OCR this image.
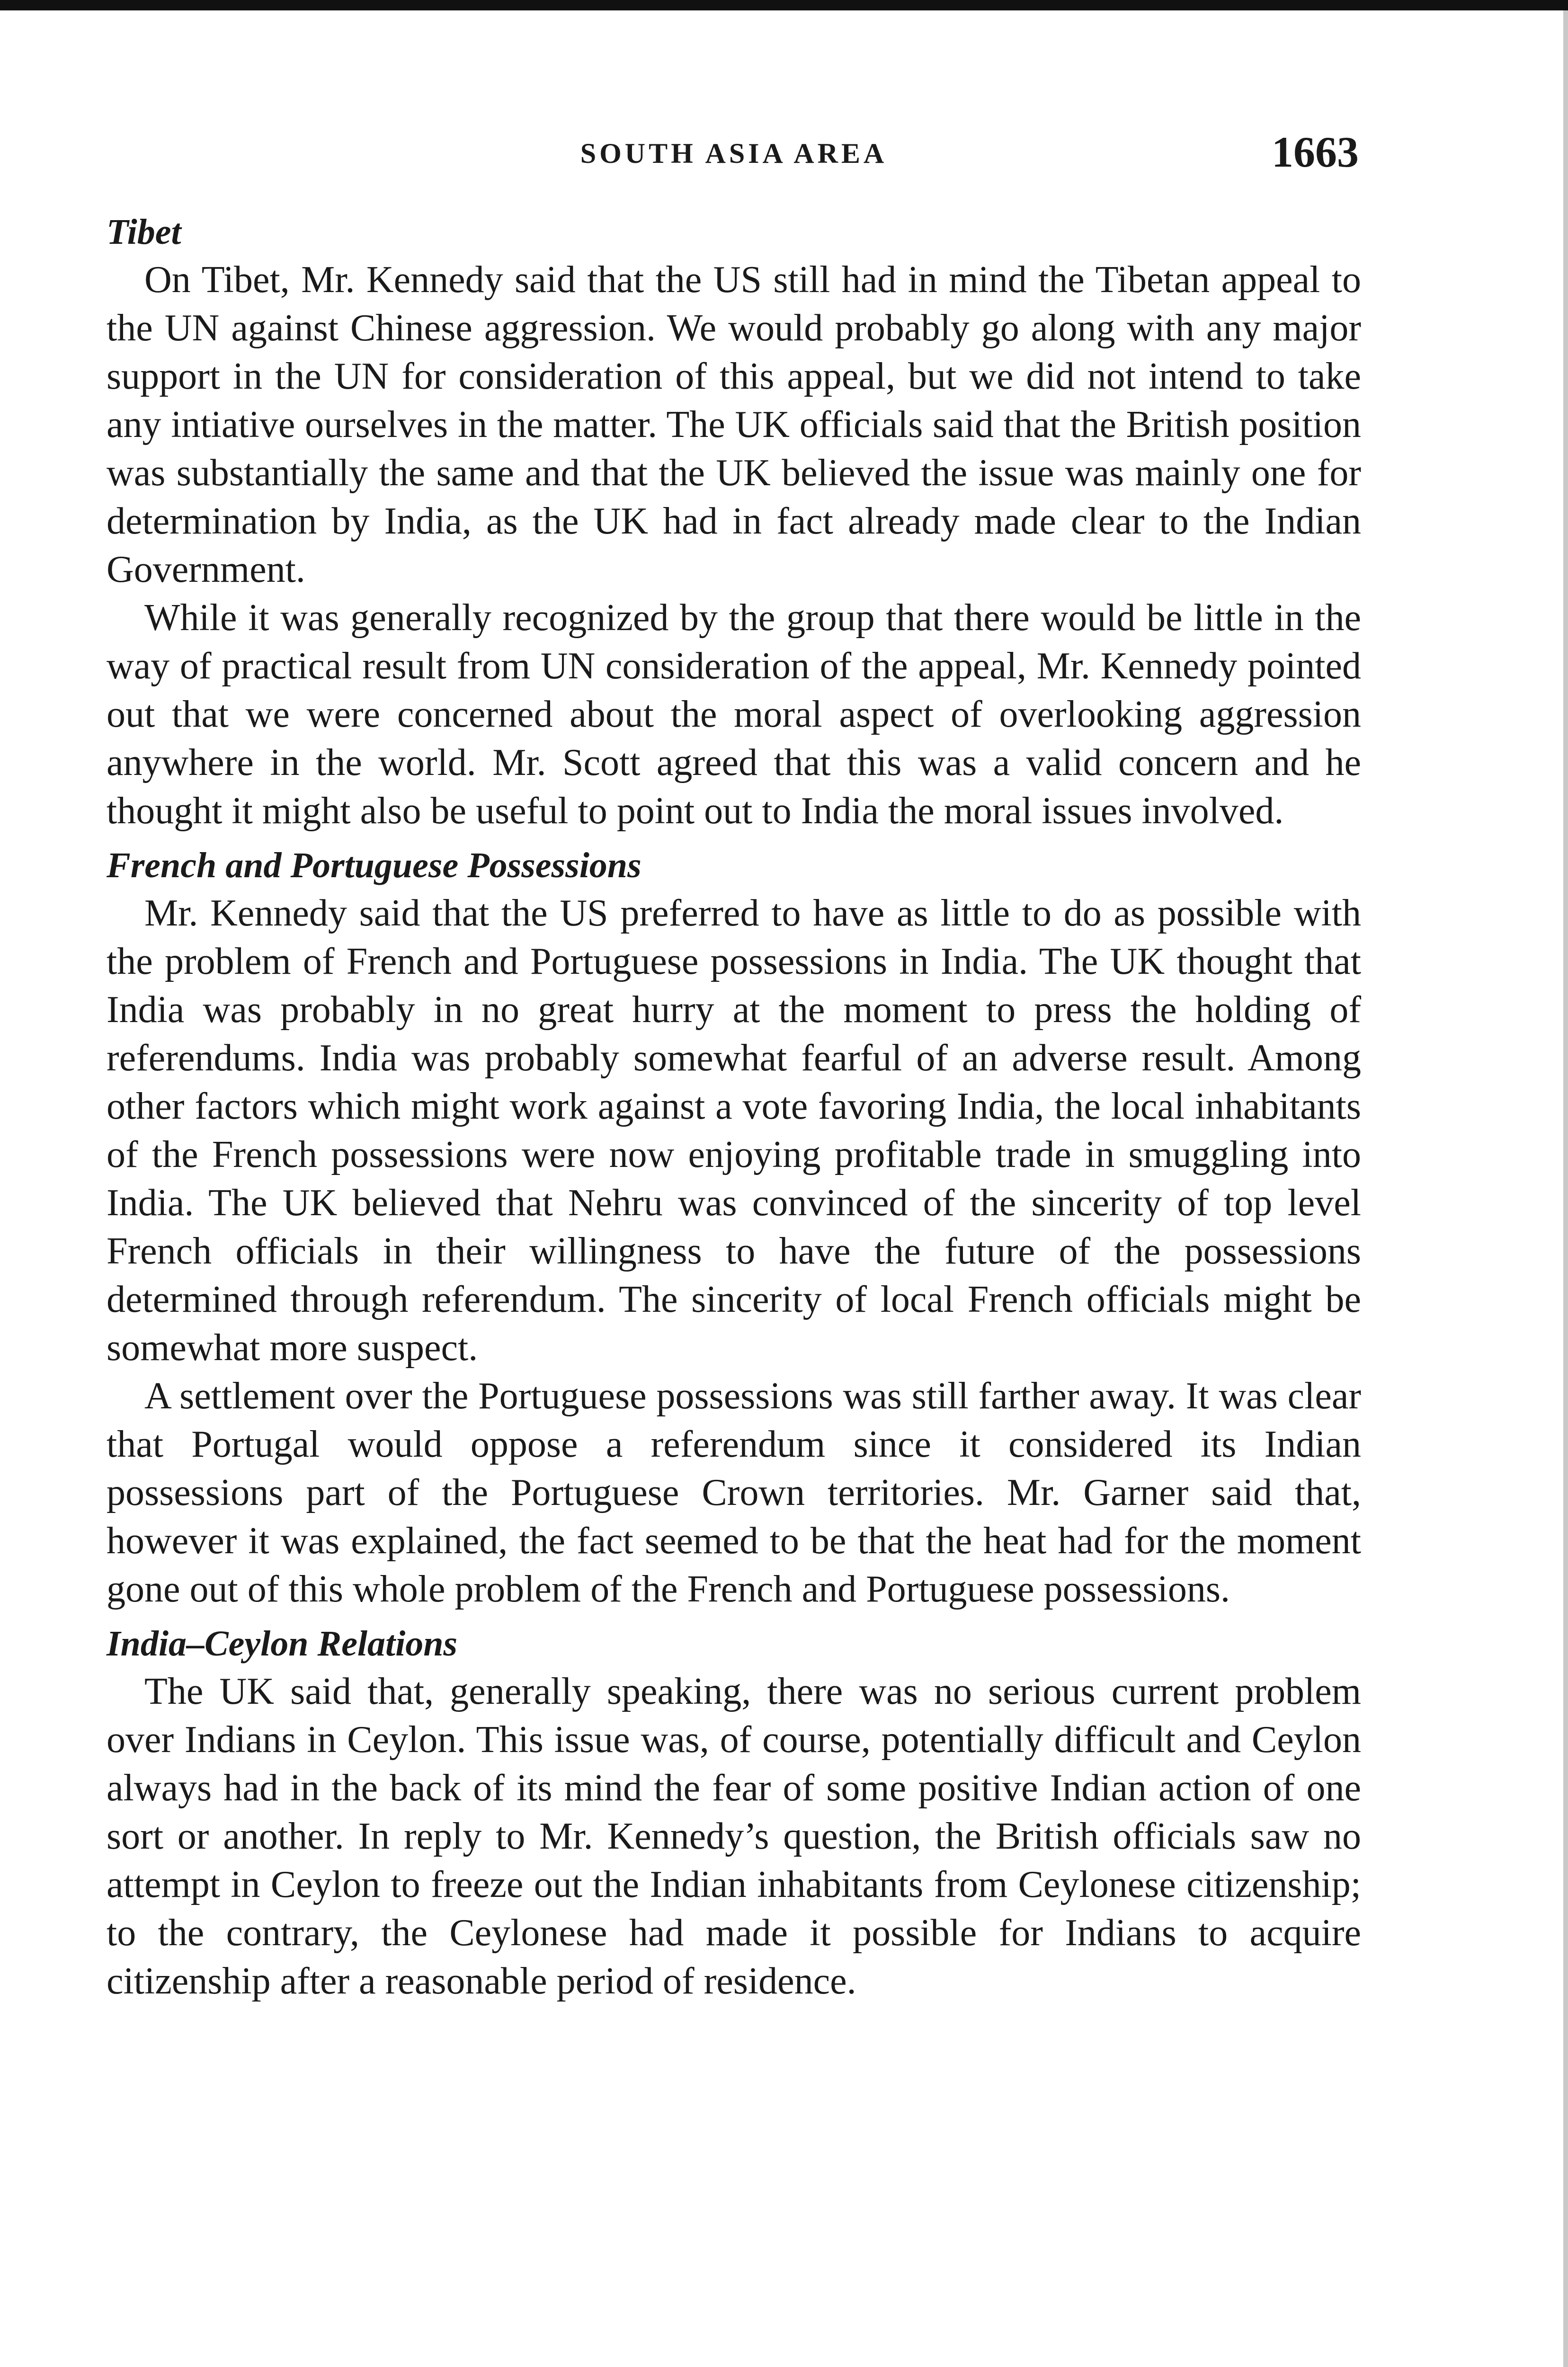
SOUTH ASIA AREA	1663
Tibet

On Tibet, Mr. Kennedy said that the US still had in mind the Tibetan appeal to the UN against Chinese aggression. We would probably go along with any major support in the UN for consideration of this appeal, but we did not intend to take any intiative ourselves in the matter. The UK officials said that the British position was substantially the same and that the UK believed the issue was mainly one for determination by India, as the UK had in fact already made clear to the Indian Government.

While it was generally recognized by the group that there would be little in the way of practical result from UN consideration of the appeal, Mr. Kennedy pointed out that we were concerned about the moral aspect of overlooking aggression anywhere in the world. Mr. Scott agreed that this was a valid concern and he thought it might also be useful to point out to India the moral issues involved.

French and Portuguese Possessions

Mr. Kennedy said that the US preferred to have as little to do as possible with the problem of French and Portuguese possessions in India. The UK thought that India was probably in no great hurry at the moment to press the holding of referendums. India was probably somewhat fearful of an adverse result. Among other factors which might work against a vote favoring India, the local inhabitants of the French possessions were now enjoying profitable trade in smuggling into India. The UK believed that Nehru was convinced of the sincerity of top level French officials in their willingness to have the future of the possessions determined through referendum. The sincerity of local French officials might be somewhat more suspect.

A settlement over the Portuguese possessions was still farther away. It was clear that Portugal would oppose a referendum since it considered its Indian possessions part of the Portuguese Crown territories. Mr. Garner said that, however it was explained, the fact seemed to be that the heat had for the moment gone out of this whole problem of the French and Portuguese possessions.

India–Ceylon Relations

The UK said that, generally speaking, there was no serious current problem over Indians in Ceylon. This issue was, of course, potentially difficult and Ceylon always had in the back of its mind the fear of some positive Indian action of one sort or another. In reply to Mr. Kennedy’s question, the British officials saw no attempt in Ceylon to freeze out the Indian inhabitants from Ceylonese citizenship; to the contrary, the Ceylonese had made it possible for Indians to acquire citizenship after a reasonable period of residence.
